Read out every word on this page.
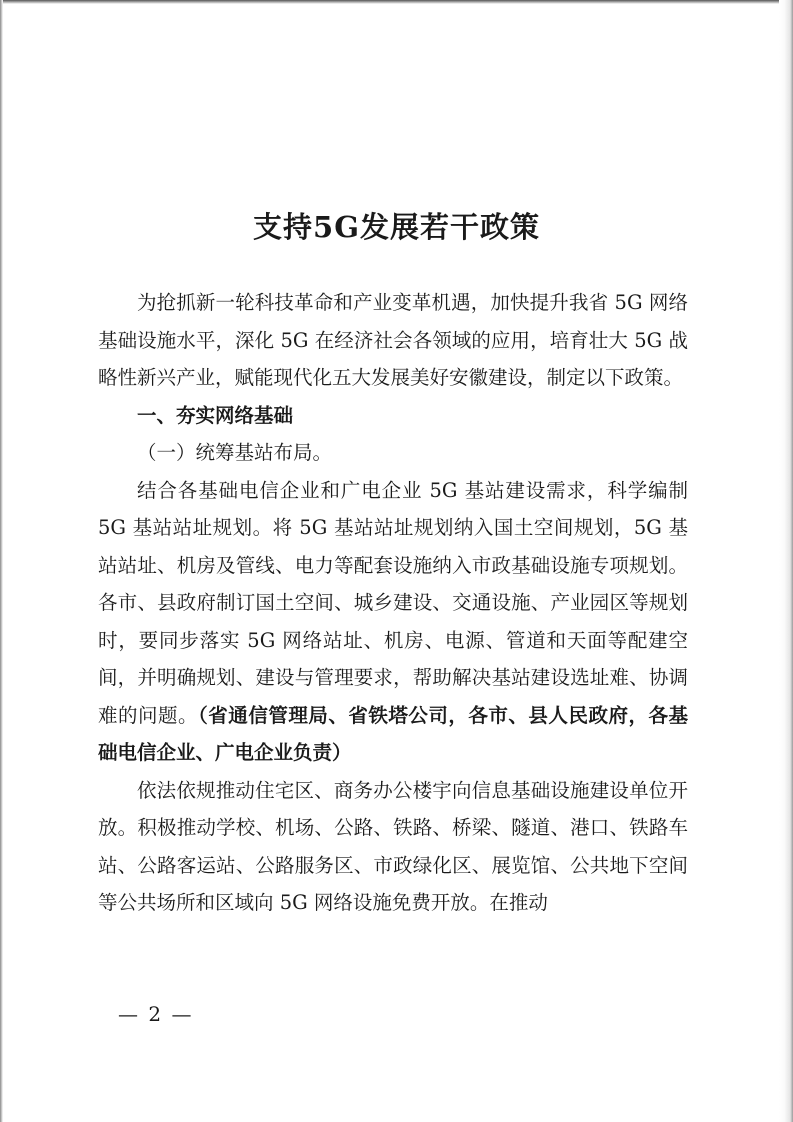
支持5G发展若干政策

为抢抓新一轮科技革命和产业变革机遇，加快提升我省 5G 网络基础设施水平，深化 5G 在经济社会各领域的应用，培育壮大 5G 战略性新兴产业，赋能现代化五大发展美好安徽建设，制定以下政策。

一、夯实网络基础

（一）统筹基站布局。

结合各基础电信企业和广电企业 5G 基站建设需求，科学编制 5G 基站站址规划。将 5G 基站站址规划纳入国土空间规划，5G 基站站址、机房及管线、电力等配套设施纳入市政基础设施专项规划。各市、县政府制订国土空间、城乡建设、交通设施、产业园区等规划时，要同步落实 5G 网络站址、机房、电源、管道和天面等配建空间，并明确规划、建设与管理要求，帮助解决基站建设选址难、协调难的问题。（省通信管理局、省铁塔公司，各市、县人民政府，各基础电信企业、广电企业负责）

依法依规推动住宅区、商务办公楼宇向信息基础设施建设单位开放。积极推动学校、机场、公路、铁路、桥梁、隧道、港口、铁路车站、公路客运站、公路服务区、市政绿化区、展览馆、公共地下空间等公共场所和区域向 5G 网络设施免费开放。在推动

— 2 —
